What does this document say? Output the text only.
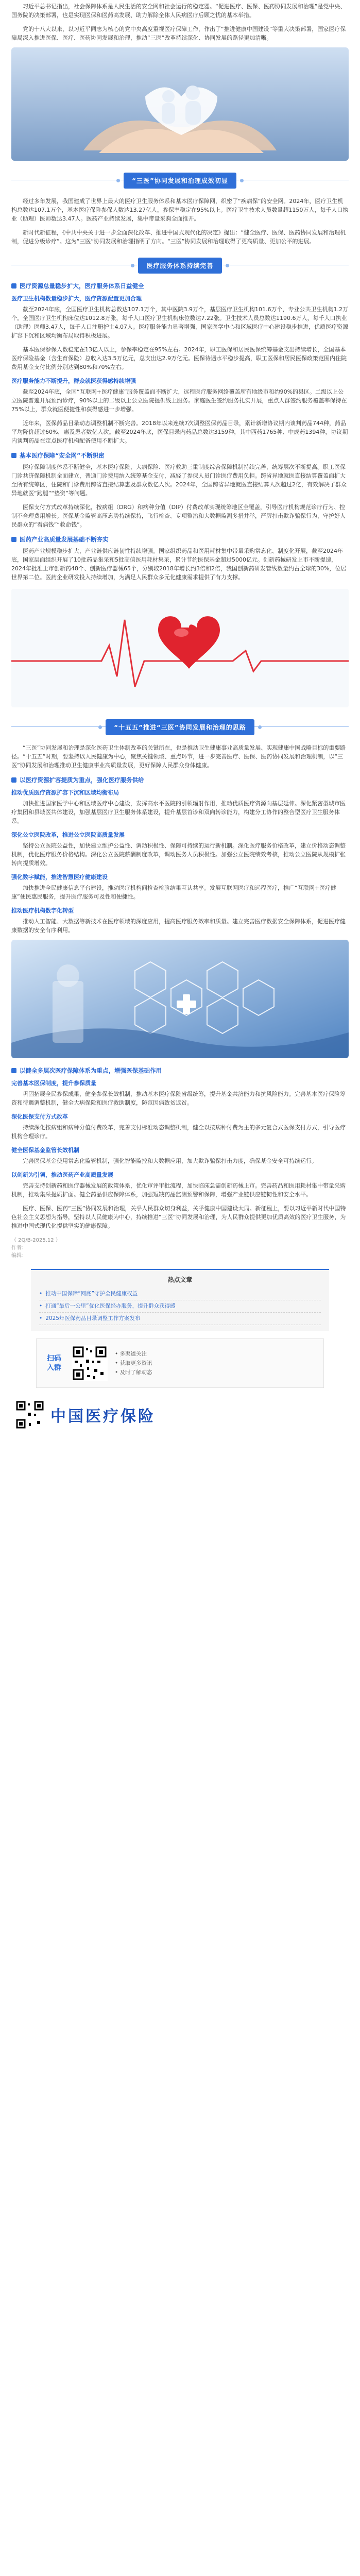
习近平总书记指出，社会保障体系是人民生活的安全网和社会运行的稳定器。“促进医疗、医保、医药协同发展和治理”是党中央、国务院的决策部署，也是实现医保和医药高发展、助力解除全体人民病医疗后顾之忧的基本举措。

党的十八大以来，以习近平同志为核心的党中央高度重视医疗保障工作，作出了“推进健康中国建设”等重大决策部署，国家医疗保障局深入推进医保、医疗、医药协同发展和治理，推动“三医”改革持续深化、协同发展的路径更加清晰。

“三医”协同发展和治理成效初显

经过多年发展，我国建成了世界上最大的医疗卫生服务体系和基本医疗保障网，织密了“疾病保”的安全网。2024年，医疗卫生机构总数达107.1万个，基本医疗保险参保人数达13.27亿人，参保率稳定在95%以上。医疗卫生技术人员数量超1150万人，每千人口执业（助理）医师数达3.47人。医药产业持续发展，集中带量采购全面推开。

新时代新征程，《中共中央关于进一步全面深化改革、推进中国式现代化的决定》提出：“健全医疗、医保、医药协同发展和治理机制，促进分级诊疗”。这为“三医”协同发展和治理指明了方向。“三医”协同发展和治理取得了更高质量、更加公平的进展。

医疗服务体系持续完善
医疗资源总量稳步扩大，医疗服务体系日益健全
医疗卫生机构数量稳步扩大，医疗资源配置更加合理

截至2024年底，全国医疗卫生机构总数达107.1万个，其中医院3.9万个，基层医疗卫生机构101.6万个，专业公共卫生机构1.2万个。全国医疗卫生机构床位达1012.8万张，每千人口医疗卫生机构床位数达7.22张。卫生技术人员总数达1190.6万人，每千人口执业（助理）医师3.47人，每千人口注册护士4.07人。医疗服务能力显著增强，国家医学中心和区域医疗中心建设稳步推进，优质医疗资源扩容下沉和区域均衡布局取得积极进展。

基本医保参保人数稳定在13亿人以上，参保率稳定在95%左右。2024年，职工医保和居民医保统筹基金支出持续增长，全国基本医疗保险基金（含生育保险）总收入达3.5万亿元，总支出达2.9万亿元。医保待遇水平稳步提高，职工医保和居民医保政策范围内住院费用基金支付比例分别达到80%和70%左右。

医疗服务能力不断提升，群众就医获得感持续增强

截至2024年底，全国“互联网+医疗健康”服务覆盖面不断扩大，远程医疗服务网络覆盖所有地级市和约90%的县区。二级以上公立医院普遍开展预约诊疗，90%以上的二级以上公立医院提供线上服务。家庭医生签约服务扎实开展，重点人群签约服务覆盖率保持在75%以上，群众就医便捷性和获得感进一步增强。

近年来，医保药品目录动态调整机制不断完善。2018年以来连续7次调整医保药品目录，累计新增协议期内谈判药品744种，药品平均降价超过60%，惠及患者数亿人次。截至2024年底，医保目录内药品总数达3159种，其中西药1765种、中成药1394种，协议期内谈判药品在定点医疗机构配备使用不断扩大。

基本医疗保障“安全网”不断织密

医疗保障制度体系不断健全，基本医疗保险、大病保险、医疗救助三重制度综合保障机制持续完善，统筹层次不断提高。职工医保门诊共济保障机制全面建立，普通门诊费用纳入统筹基金支付，减轻了参保人员门诊医疗费用负担。跨省异地就医直接结算覆盖面扩大至所有统筹区，住院和门诊费用跨省直接结算惠及群众数亿人次。2024年，全国跨省异地就医直接结算人次超过2亿，有效解决了群众异地就医“跑腿”“垫资”等问题。

医保支付方式改革持续深化，按病组（DRG）和病种分值（DIP）付费改革实现统筹地区全覆盖，引导医疗机构规范诊疗行为、控制不合理费用增长。医保基金监管高压态势持续保持，飞行检查、专项整治和大数据监测多措并举，严厉打击欺诈骗保行为，守护好人民群众的“看病钱”“救命钱”。

医药产业高质量发展基础不断夯实

医药产业规模稳步扩大，产业链供应链韧性持续增强。国家组织药品和医用耗材集中带量采购常态化、制度化开展，截至2024年底，国家层面组织开展了10批药品集采和5批高值医用耗材集采，累计节约医保基金超过5000亿元。创新药械研发上市不断提速，2024年批准上市创新药48个、创新医疗器械65个，分别较2018年增长约3倍和2倍，我国创新药研发管线数量约占全球的30%，位居世界第二位。医药企业研发投入持续增加，为满足人民群众多元化健康需求提供了有力支撑。

“十五五”推进“三医”协同发展和治理的思路

“三医”协同发展和治理是深化医药卫生体制改革的关键所在，也是推动卫生健康事业高质量发展、实现健康中国战略目标的重要路径。“十五五”时期，要坚持以人民健康为中心，聚焦关键领域、重点环节，进一步完善医疗、医保、医药协同发展和治理机制，以“三医”协同发展和治理推动卫生健康事业高质量发展，更好保障人民群众身体健康。

以医疗资源扩容提质为重点，强化医疗服务供给
推动优质医疗资源扩容下沉和区域均衡布局

加快推进国家医学中心和区域医疗中心建设，发挥高水平医院的引领辐射作用，推动优质医疗资源向基层延伸。深化紧密型城市医疗集团和县域医共体建设，加强基层医疗卫生服务体系建设，提升基层首诊和双向转诊能力，构建分工协作的整合型医疗卫生服务体系。

深化公立医院改革，推进公立医院高质量发展

坚持公立医院公益性，加快建立维护公益性、调动积极性、保障可持续的运行新机制。深化医疗服务价格改革，建立价格动态调整机制，优化医疗服务价格结构。深化公立医院薪酬制度改革，调动医务人员积极性。加强公立医院绩效考核，推动公立医院从规模扩张转向提质增效。

强化数字赋能，推进智慧医疗健康建设

加快推进全民健康信息平台建设，推动医疗机构间检查检验结果互认共享。发展互联网医疗和远程医疗，推广“互联网+医疗健康”便民惠民服务，提升医疗服务可及性和便捷性。

推动医疗机构数字化转型

推动人工智能、大数据等新技术在医疗领域的深度应用，提高医疗服务效率和质量。建立完善医疗数据安全保障体系，促进医疗健康数据的安全有序利用。

以健全多层次医疗保障体系为重点，增强医保基础作用
完善基本医保制度，提升参保质量

巩固拓展全民参保成果，健全参保长效机制，推动基本医疗保险省级统筹，提升基金共济能力和抗风险能力。完善基本医疗保险筹资和待遇调整机制，健全大病保险和医疗救助制度，防范因病致贫返贫。

深化医保支付方式改革

持续深化按病组和病种分值付费改革，完善支付标准动态调整机制，健全以按病种付费为主的多元复合式医保支付方式，引导医疗机构合理诊疗。

健全医保基金监管长效机制

完善医保基金使用常态化监管机制，强化智能监控和大数据应用，加大欺诈骗保打击力度，确保基金安全可持续运行。

以创新为引领，推动医药产业高质量发展

完善支持创新药和医疗器械发展的政策体系，优化审评审批流程，加快临床急需创新药械上市。完善药品和医用耗材集中带量采购机制，推动集采提质扩面。健全药品供应保障体系，加强短缺药品监测预警和保障，增强产业链供应链韧性和安全水平。

医疗、医保、医药“三医”协同发展和治理，关乎人民群众切身利益，关乎健康中国建设大局。新征程上，要以习近平新时代中国特色社会主义思想为指导，坚持以人民健康为中心，持续推进“三医”协同发展和治理，为人民群众提供更加优质高效的医疗卫生服务，为推进中国式现代化提供坚实的健康保障。

（ 2Q/B-2025.12 ）
作者：
编辑：
热点文章
• 推动中国保障“网底”守护全民健康权益
• 打通“最后一公里”优化医保经办服务，提升群众获得感
• 2025年医保药品目录调整工作方案发布
扫码入群
• 多渠道关注
• 获取更多资讯
• 及时了解动态
中国医疗保险
